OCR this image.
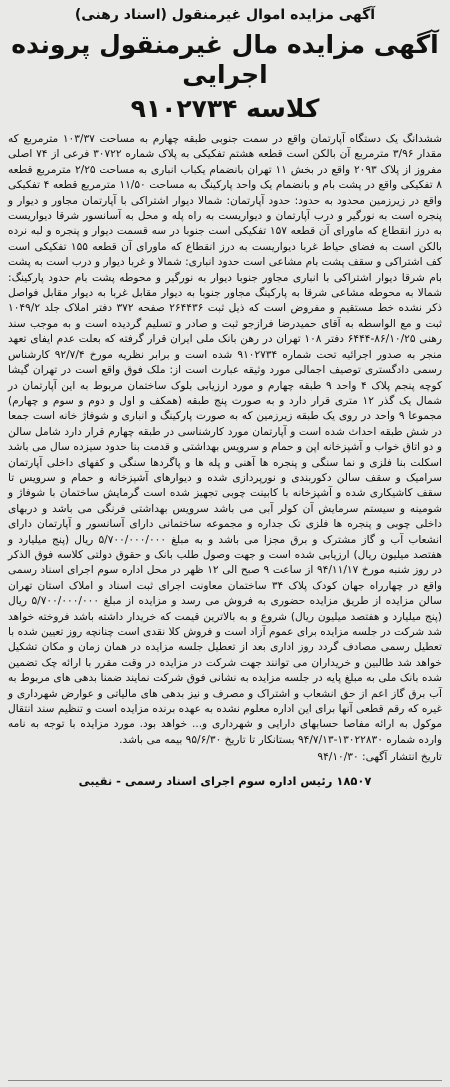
آگهی مزایده اموال غیرمنقول (اسناد رهنی)
آگهی مزایده مال غیرمنقول پرونده اجرایی
کلاسه ۹۱۰۲۷۳۴

ششدانگ یک دستگاه آپارتمان واقع در سمت جنوبی طبقه چهارم به مساحت ۱۰۳/۳۷ مترمربع که مقدار ۳/۹۶ مترمربع آن بالکن است قطعه هشتم تفکیکی به پلاک شماره ۳۰۷۲۲ فرعی از ۷۴ اصلی مفروز از پلاک ۲۰۹۳ واقع در بخش ۱۱ تهران بانضمام یکباب انباری به مساحت ۲/۲۵ مترمربع قطعه ۸ تفکیکی واقع در پشت بام و بانضمام یک واحد پارکینگ به مساحت ۱۱/۵۰ مترمربع قطعه ۴ تفکیکی واقع در زیرزمین محدود به حدود: حدود آپارتمان: شمالا دیوار اشتراکی با آپارتمان مجاور و دیوار و پنجره است به نورگیر و درب آپارتمان و دیواریست به راه پله و محل به آسانسور شرقا دیواریست به درز انقطاع که ماورای آن قطعه ۱۵۷ تفکیکی است جنوبا در سه قسمت دیوار و پنجره و لبه نرده بالکن است به فضای حیاط غربا دیواریست به درز انقطاع که ماورای آن قطعه ۱۵۵ تفکیکی است کف اشتراکی و سقف پشت بام مشاعی است حدود انباری: شمالا و غربا دیوار و درب است به پشت بام شرقا دیوار اشتراکی با انباری مجاور جنوبا دیوار به نورگیر و محوطه پشت بام حدود پارکینگ: شمالا به محوطه مشاعی شرقا به پارکینگ مجاور جنوبا به دیوار مقابل غربا به دیوار مقابل فواصل ذکر نشده خط مستقیم و مفروض است که ذیل ثبت ۲۶۴۴۳۶ صفحه ۳۷۲ دفتر املاک جلد ۱۰۴۹/۲ ثبت و مع الواسطه به آقای حمیدرضا فرازجو ثبت و صادر و تسلیم گردیده است و به موجب سند رهنی ۸۶/۱۰/۲۵-۶۴۴۴ دفتر ۱۰۸ تهران در رهن بانک ملی ایران قرار گرفته که بعلت عدم ایفای تعهد منجر به صدور اجرائیه تحت شماره ۹۱۰۲۷۳۴ شده است و برابر نظریه مورخ ۹۲/۷/۴ کارشناس رسمی دادگستری توصیف اجمالی مورد وثیقه عبارت است از: ملک فوق واقع است در تهران گیشا کوچه پنجم پلاک ۴ واحد ۹ طبقه چهارم و مورد ارزیابی بلوک ساختمان مربوط به این آپارتمان در شمال یک گذر ۱۲ متری قرار دارد و به صورت پنج طبقه (همکف و اول و دوم و سوم و چهارم) مجموعا ۹ واحد در روی یک طبقه زیرزمین که به صورت پارکینگ و انباری و شوفاژ خانه است جمعا در شش طبقه احداث شده است و آپارتمان مورد کارشناسی در طبقه چهارم قرار دارد شامل سالن و دو اتاق خواب و آشپزخانه اپن و حمام و سرویس بهداشتی و قدمت بنا حدود سیزده سال می باشد اسکلت بنا فلزی و نما سنگی و پنجره ها آهنی و پله ها و پاگردها سنگی و کفهای داخلی آپارتمان سرامیک و سقف سالن دکوربندی و نورپردازی شده و دیوارهای آشپزخانه و حمام و سرویس تا سقف کاشیکاری شده و آشپزخانه با کابینت چوبی تجهیز شده است گرمایش ساختمان با شوفاژ و شومینه و سیستم سرمایش آن کولر آبی می باشد سرویس بهداشتی فرنگی می باشد و دربهای داخلی چوبی و پنجره ها فلزی تک جداره و مجموعه ساختمانی دارای آسانسور و آپارتمان دارای انشعاب آب و گاز مشترک و برق مجزا می باشد و به مبلغ ۵/۷۰۰/۰۰۰/۰۰۰ ریال (پنج میلیارد و هفتصد میلیون ریال) ارزیابی شده است و جهت وصول طلب بانک و حقوق دولتی کلاسه فوق الذکر در روز شنبه مورخ ۹۴/۱۱/۱۷ از ساعت ۹ صبح الی ۱۲ ظهر در محل اداره سوم اجرای اسناد رسمی واقع در چهارراه جهان کودک پلاک ۳۴ ساختمان معاونت اجرای ثبت اسناد و املاک استان تهران سالن مزایده از طریق مزایده حضوری به فروش می رسد و مزایده از مبلغ ۵/۷۰۰/۰۰۰/۰۰۰ ریال (پنج میلیارد و هفتصد میلیون ریال) شروع و به بالاترین قیمت که خریدار داشته باشد فروخته خواهد شد شرکت در جلسه مزایده برای عموم آزاد است و فروش کلا نقدی است چنانچه روز تعیین شده با تعطیل رسمی مصادف گردد روز اداری بعد از تعطیل جلسه مزایده در همان زمان و مکان تشکیل خواهد شد طالبین و خریداران می توانند جهت شرکت در مزایده در وقت مقرر با ارائه چک تضمین شده بانک ملی به مبلغ پایه در جلسه مزایده به نشانی فوق شرکت نمایند ضمنا بدهی های مربوط به آب برق گاز اعم از حق انشعاب و اشتراک و مصرف و نیز بدهی های مالیاتی و عوارض شهرداری و غیره که رقم قطعی آنها برای این اداره معلوم نشده به عهده برنده مزایده است و تنظیم سند انتقال موکول به ارائه مفاصا حسابهای دارایی و شهرداری و... خواهد بود. مورد مزایده با توجه به نامه وارده شماره ۱۳۰۲۲۸۳۰-۹۴/۷/۱۳ بستانکار تا تاریخ ۹۵/۶/۳۰ بیمه می باشد.

تاریخ انتشار آگهی: ۹۴/۱۰/۳۰
۱۸۵۰۷ رئیس اداره سوم اجرای اسناد رسمی - نقیبی
